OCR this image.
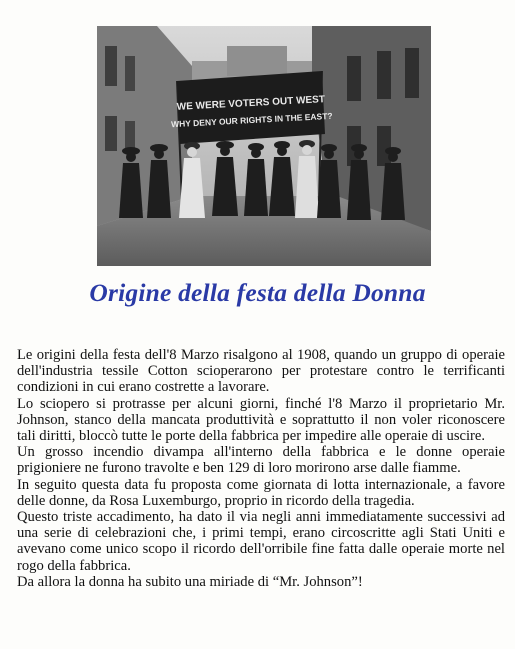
WE WERE VOTERS OUT WEST
WHY DENY OUR RIGHTS IN THE EAST?
Origine della festa della Donna

Le origini della festa dell'8 Marzo risalgono al 1908, quando un gruppo di operaie dell'industria tessile Cotton scioperarono per protestare contro le terrificanti condizioni in cui erano costrette a lavorare.

Lo sciopero si protrasse per alcuni giorni, finché l'8 Marzo il proprietario Mr. Johnson, stanco della mancata produttività e soprattutto il non voler riconoscere tali diritti, bloccò tutte le porte della fabbrica per impedire alle operaie di uscire.

Un grosso incendio divampa all'interno della fabbrica e le donne operaie prigioniere ne furono travolte e ben 129 di loro morirono arse dalle fiamme.

In seguito questa data fu proposta come giornata di lotta internazionale, a favore delle donne, da Rosa Luxemburgo, proprio in ricordo della tragedia.

Questo triste accadimento, ha dato il via negli anni immediatamente successivi ad una serie di celebrazioni che, i primi tempi, erano circoscritte agli Stati Uniti e avevano come unico scopo il ricordo dell'orribile fine fatta dalle operaie morte nel rogo della fabbrica.

Da allora la donna ha subito una miriade di “Mr. Johnson”!
